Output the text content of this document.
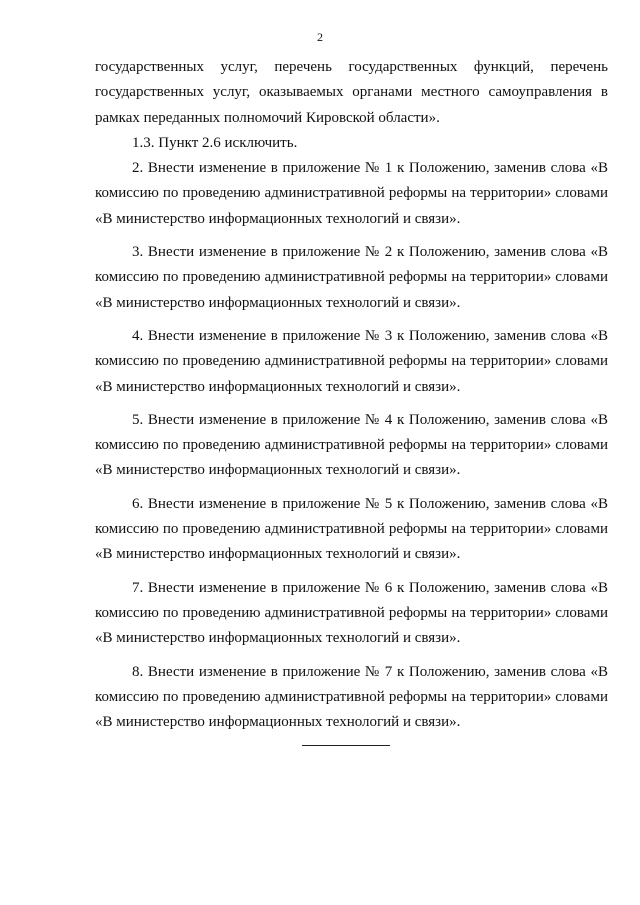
2

государственных услуг, перечень государственных функций, перечень
государственных услуг, оказываемых органами местного самоуправления в
рамках переданных полномочий Кировской области».

1.3. Пункт 2.6 исключить.

2. Внести изменение в приложение № 1 к Положению, заменив слова «В
комиссию по проведению административной реформы на территории» словами
«В министерство информационных технологий и связи».

3. Внести изменение в приложение № 2 к Положению, заменив слова «В
комиссию по проведению административной реформы на территории» словами
«В министерство информационных технологий и связи».

4. Внести изменение в приложение № 3 к Положению, заменив слова «В
комиссию по проведению административной реформы на территории» словами
«В министерство информационных технологий и связи».

5. Внести изменение в приложение № 4 к Положению, заменив слова «В
комиссию по проведению административной реформы на территории» словами
«В министерство информационных технологий и связи».

6. Внести изменение в приложение № 5 к Положению, заменив слова «В
комиссию по проведению административной реформы на территории» словами
«В министерство информационных технологий и связи».

7. Внести изменение в приложение № 6 к Положению, заменив слова «В
комиссию по проведению административной реформы на территории» словами
«В министерство информационных технологий и связи».

8. Внести изменение в приложение № 7 к Положению, заменив слова «В
комиссию по проведению административной реформы на территории» словами
«В министерство информационных технологий и связи».
